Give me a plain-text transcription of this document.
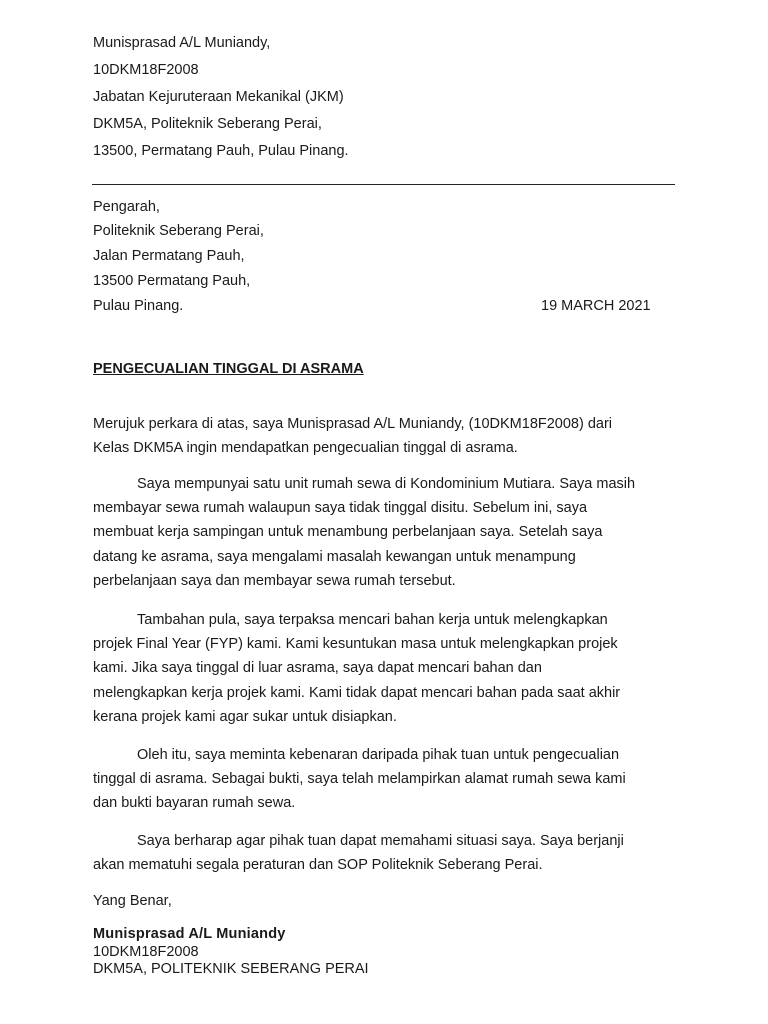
Munisprasad A/L Muniandy,
10DKM18F2008
Jabatan Kejuruteraan Mekanikal (JKM)
DKM5A, Politeknik Seberang Perai,
13500, Permatang Pauh, Pulau Pinang.
Pengarah,
Politeknik Seberang Perai,
Jalan Permatang Pauh,
13500 Permatang Pauh,
Pulau Pinang.	19 MARCH 2021
PENGECUALIAN TINGGAL DI ASRAMA
Merujuk perkara di atas, saya Munisprasad A/L Muniandy, (10DKM18F2008) dari
Kelas DKM5A ingin mendapatkan pengecualian tinggal di asrama.
Saya mempunyai satu unit rumah sewa di Kondominium Mutiara. Saya masih
membayar sewa rumah walaupun saya tidak tinggal disitu. Sebelum ini, saya
membuat kerja sampingan untuk menambung perbelanjaan saya. Setelah saya
datang ke asrama, saya mengalami masalah kewangan untuk menampung
perbelanjaan saya dan membayar sewa rumah tersebut.
Tambahan pula, saya terpaksa mencari bahan kerja untuk melengkapkan
projek Final Year (FYP) kami. Kami kesuntukan masa untuk melengkapkan projek
kami. Jika saya tinggal di luar asrama, saya dapat mencari bahan dan
melengkapkan kerja projek kami. Kami tidak dapat mencari bahan pada saat akhir
kerana projek kami agar sukar untuk disiapkan.
Oleh itu, saya meminta kebenaran daripada pihak tuan untuk pengecualian
tinggal di asrama. Sebagai bukti, saya telah melampirkan alamat rumah sewa kami
dan bukti bayaran rumah sewa.
Saya berharap agar pihak tuan dapat memahami situasi saya. Saya berjanji
akan mematuhi segala peraturan dan SOP Politeknik Seberang Perai.
Yang Benar,
Munisprasad A/L Muniandy
10DKM18F2008
DKM5A, POLITEKNIK SEBERANG PERAI
